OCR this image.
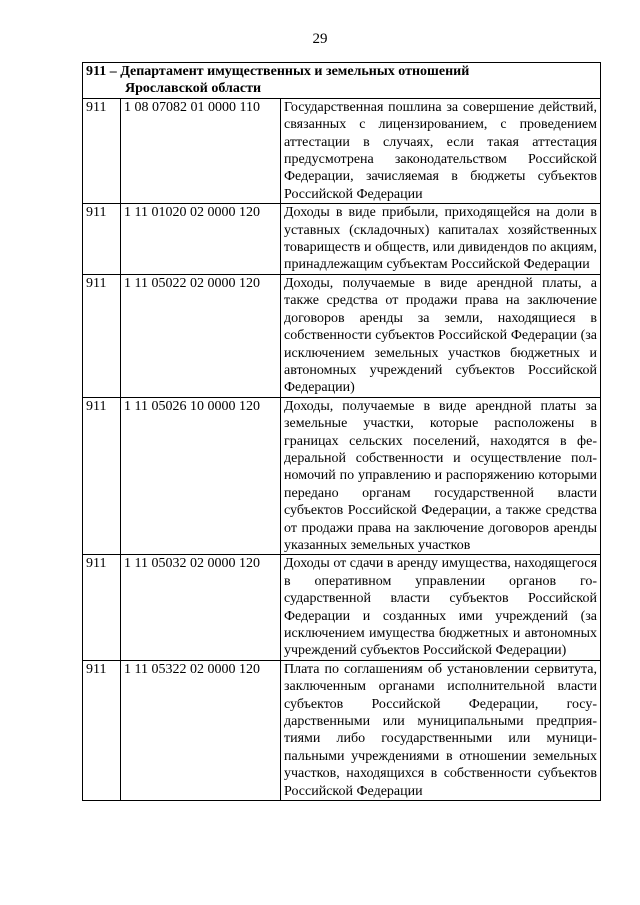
29
911 – Департамент имущественных и земельных отношений
Ярославской области		

911	1 08 07082 01 0000 110	Государственная пошлина за совершение действий, связанных с лицензированием, с проведением аттестации в случаях, если такая аттестация предусмотрена законодательством Российской Федерации, зачисляемая в бюджеты субъектов Российской Федерации
911	1 11 01020 02 0000 120	Доходы в виде прибыли, приходящейся на доли в уставных (складочных) капиталах хозяйственных товариществ и обществ, или дивидендов по акциям, принадлежащим субъектам Российской Федерации
911	1 11 05022 02 0000 120	Доходы, получаемые в виде арендной платы, а также средства от продажи права на заключение договоров аренды за земли, находящиеся в собственности субъектов Российской Федерации (за исключением земельных участков бюджетных и автономных учреждений субъектов Российской Федерации)
911	1 11 05026 10 0000 120	Доходы, получаемые в виде арендной платы за земельные участки, которые расположены в границах сельских поселений, находятся в федеральной собственности и осуществление полномочий по управлению и распоряжению которыми передано органам государственной власти субъектов Российской Федерации, а также средства от продажи права на заключение договоров аренды указанных земельных участков
911	1 11 05032 02 0000 120	Доходы от сдачи в аренду имущества, находящегося в оперативном управлении органов государственной власти субъектов Российской Федерации и созданных ими учреждений (за исключением имущества бюджетных и автономных учреждений субъектов Российской Федерации)
911	1 11 05322 02 0000 120	Плата по соглашениям об установлении сервитута, заключенным органами исполнительной власти субъектов Российской Федерации, государственными или муниципальными предприятиями либо государственными или муниципальными учреждениями в отношении земельных участков, находящихся в собственности субъектов Российской Федерации
